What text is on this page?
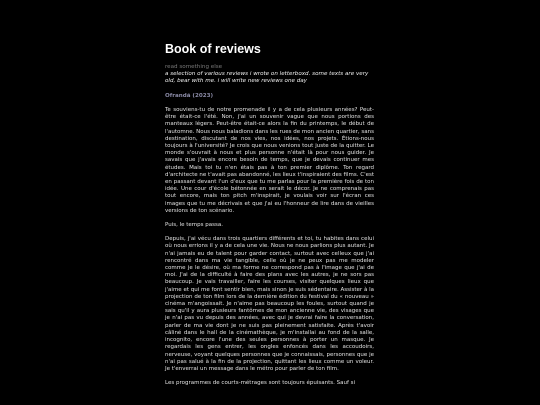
Book of reviews
read something else
a selection of various reviews i wrote on letterboxd. some texts are very old, bear with me. i will write new reviews one day
Ofrandă (2023)

Te souviens-tu de notre promenade il y a de cela plusieurs années? Peut-être était-ce l'été. Non, j'ai un souvenir vague que nous portions des manteaux légers. Peut-être était-ce alors la fin du printemps, le début de l'automne. Nous nous baladions dans les rues de mon ancien quartier, sans destination, discutant de nos vies, nos idées, nos projets. Étions-nous toujours à l'université? Je crois que nous venions tout juste de la quitter. Le monde s'ouvrait à nous et plus personne n'était là pour nous guider. Je savais que j'avais encore besoin de temps, que je devais continuer mes études. Mais toi tu n'en étais pas à ton premier diplôme. Ton regard d'architecte ne t'avait pas abandonné, les lieux t'inspiraient des films. C'est en passant devant l'un d'eux que tu me parlas pour la première fois de ton idée. Une cour d'école bétonnée en serait le décor. Je ne comprenais pas tout encore, mais ton pitch m'inspirait, je voulais voir sur l'écran ces images que tu me décrivais et que j'ai eu l'honneur de lire dans de vieilles versions de ton scénario.

Puis, le temps passa.

Depuis, j'ai vécu dans trois quartiers différents et toi, tu habites dans celui où nous errions il y a de cela une vie. Nous ne nous parlions plus autant. Je n'ai jamais eu de talent pour garder contact, surtout avec celleux que j'ai rencontré dans ma vie tangible, celle où je ne peux pas me modeler comme je le désire, où ma forme ne correspond pas à l'image que j'ai de moi. J'ai de la difficulté à faire des plans avec les autres, je ne sors pas beaucoup. Je vais travailler, faire les courses, visiter quelques lieux que j'aime et qui me font sentir bien, mais sinon je suis sédentaire. Assister à la projection de ton film lors de la dernière édition du festival du « nouveau » cinéma m'angoissait. Je n'aime pas beaucoup les foules, surtout quand je sais qu'il y aura plusieurs fantômes de mon ancienne vie, des visages que je n'ai pas vu depuis des années, avec qui je devrai faire la conversation, parler de ma vie dont je ne suis pas pleinement satisfaite. Après t'avoir câliné dans le hall de la cinémathèque, je m'installai au fond de la salle, incognito, encore l'une des seules personnes à porter un masque. Je regardais les gens entrer, les ongles enfoncés dans les accoudoirs, nerveuse, voyant quelques personnes que je connaissais, personnes que je n'ai pas salué à la fin de la projection, quittant les lieux comme un voleur. Je t'enverrai un message dans le métro pour parler de ton film.

Les programmes de courts-métrages sont toujours épuisants. Sauf si
